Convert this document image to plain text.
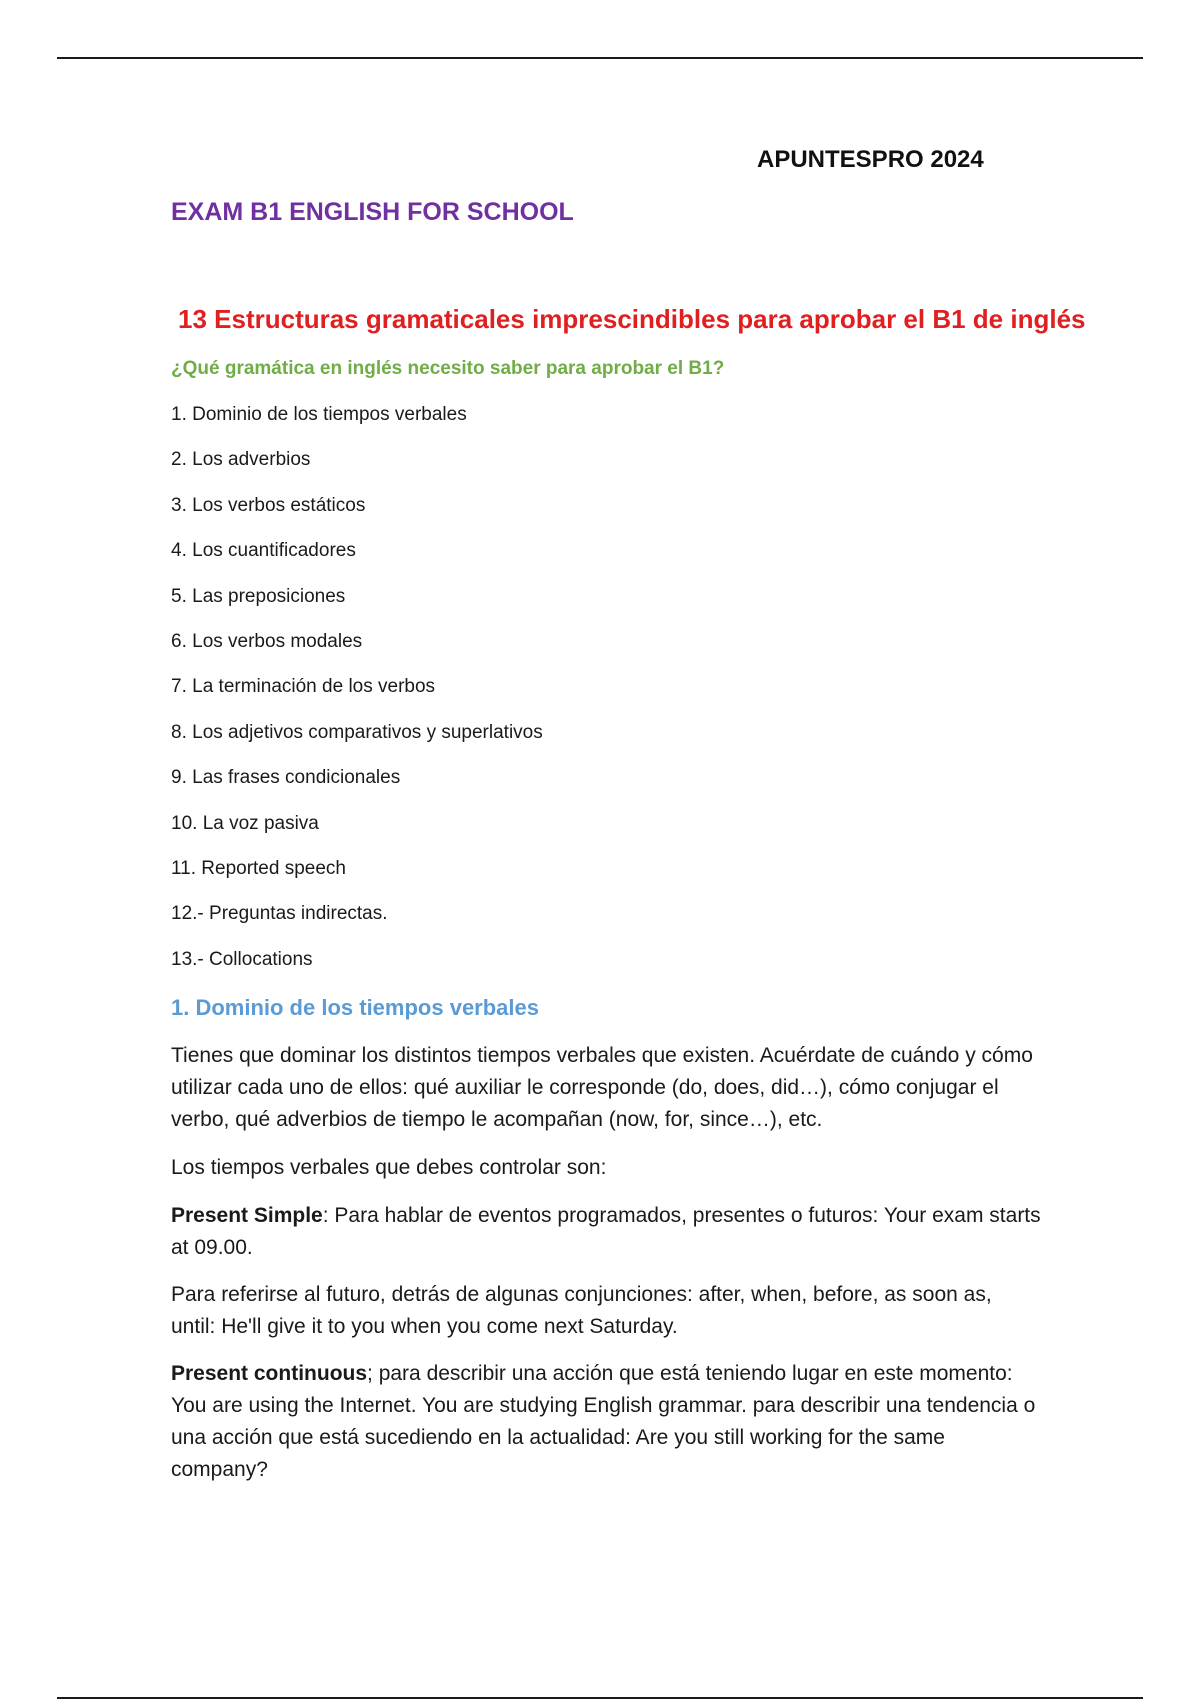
APUNTESPRO 2024
EXAM B1 ENGLISH FOR SCHOOL
13 Estructuras gramaticales imprescindibles para aprobar el B1 de inglés
¿Qué gramática en inglés necesito saber para aprobar el B1?
1. Dominio de los tiempos verbales
2. Los adverbios
3. Los verbos estáticos
4. Los cuantificadores
5. Las preposiciones
6. Los verbos modales
7. La terminación de los verbos
8. Los adjetivos comparativos y superlativos
9. Las frases condicionales
10. La voz pasiva
11. Reported speech
12.- Preguntas indirectas.
13.- Collocations
1. Dominio de los tiempos verbales

Tienes que dominar los distintos tiempos verbales que existen. Acuérdate de cuándo y cómo utilizar cada uno de ellos: qué auxiliar le corresponde (do, does, did…), cómo conjugar el verbo, qué adverbios de tiempo le acompañan (now, for, since…), etc.

Los tiempos verbales que debes controlar son:

Present Simple: Para hablar de eventos programados, presentes o futuros: Your exam starts at 09.00.

Para referirse al futuro, detrás de algunas conjunciones: after, when, before, as soon as, until: He'll give it to you when you come next Saturday.

Present continuous; para describir una acción que está teniendo lugar en este momento: You are using the Internet. You are studying English grammar. para describir una tendencia o una acción que está sucediendo en la actualidad: Are you still working for the same company?
